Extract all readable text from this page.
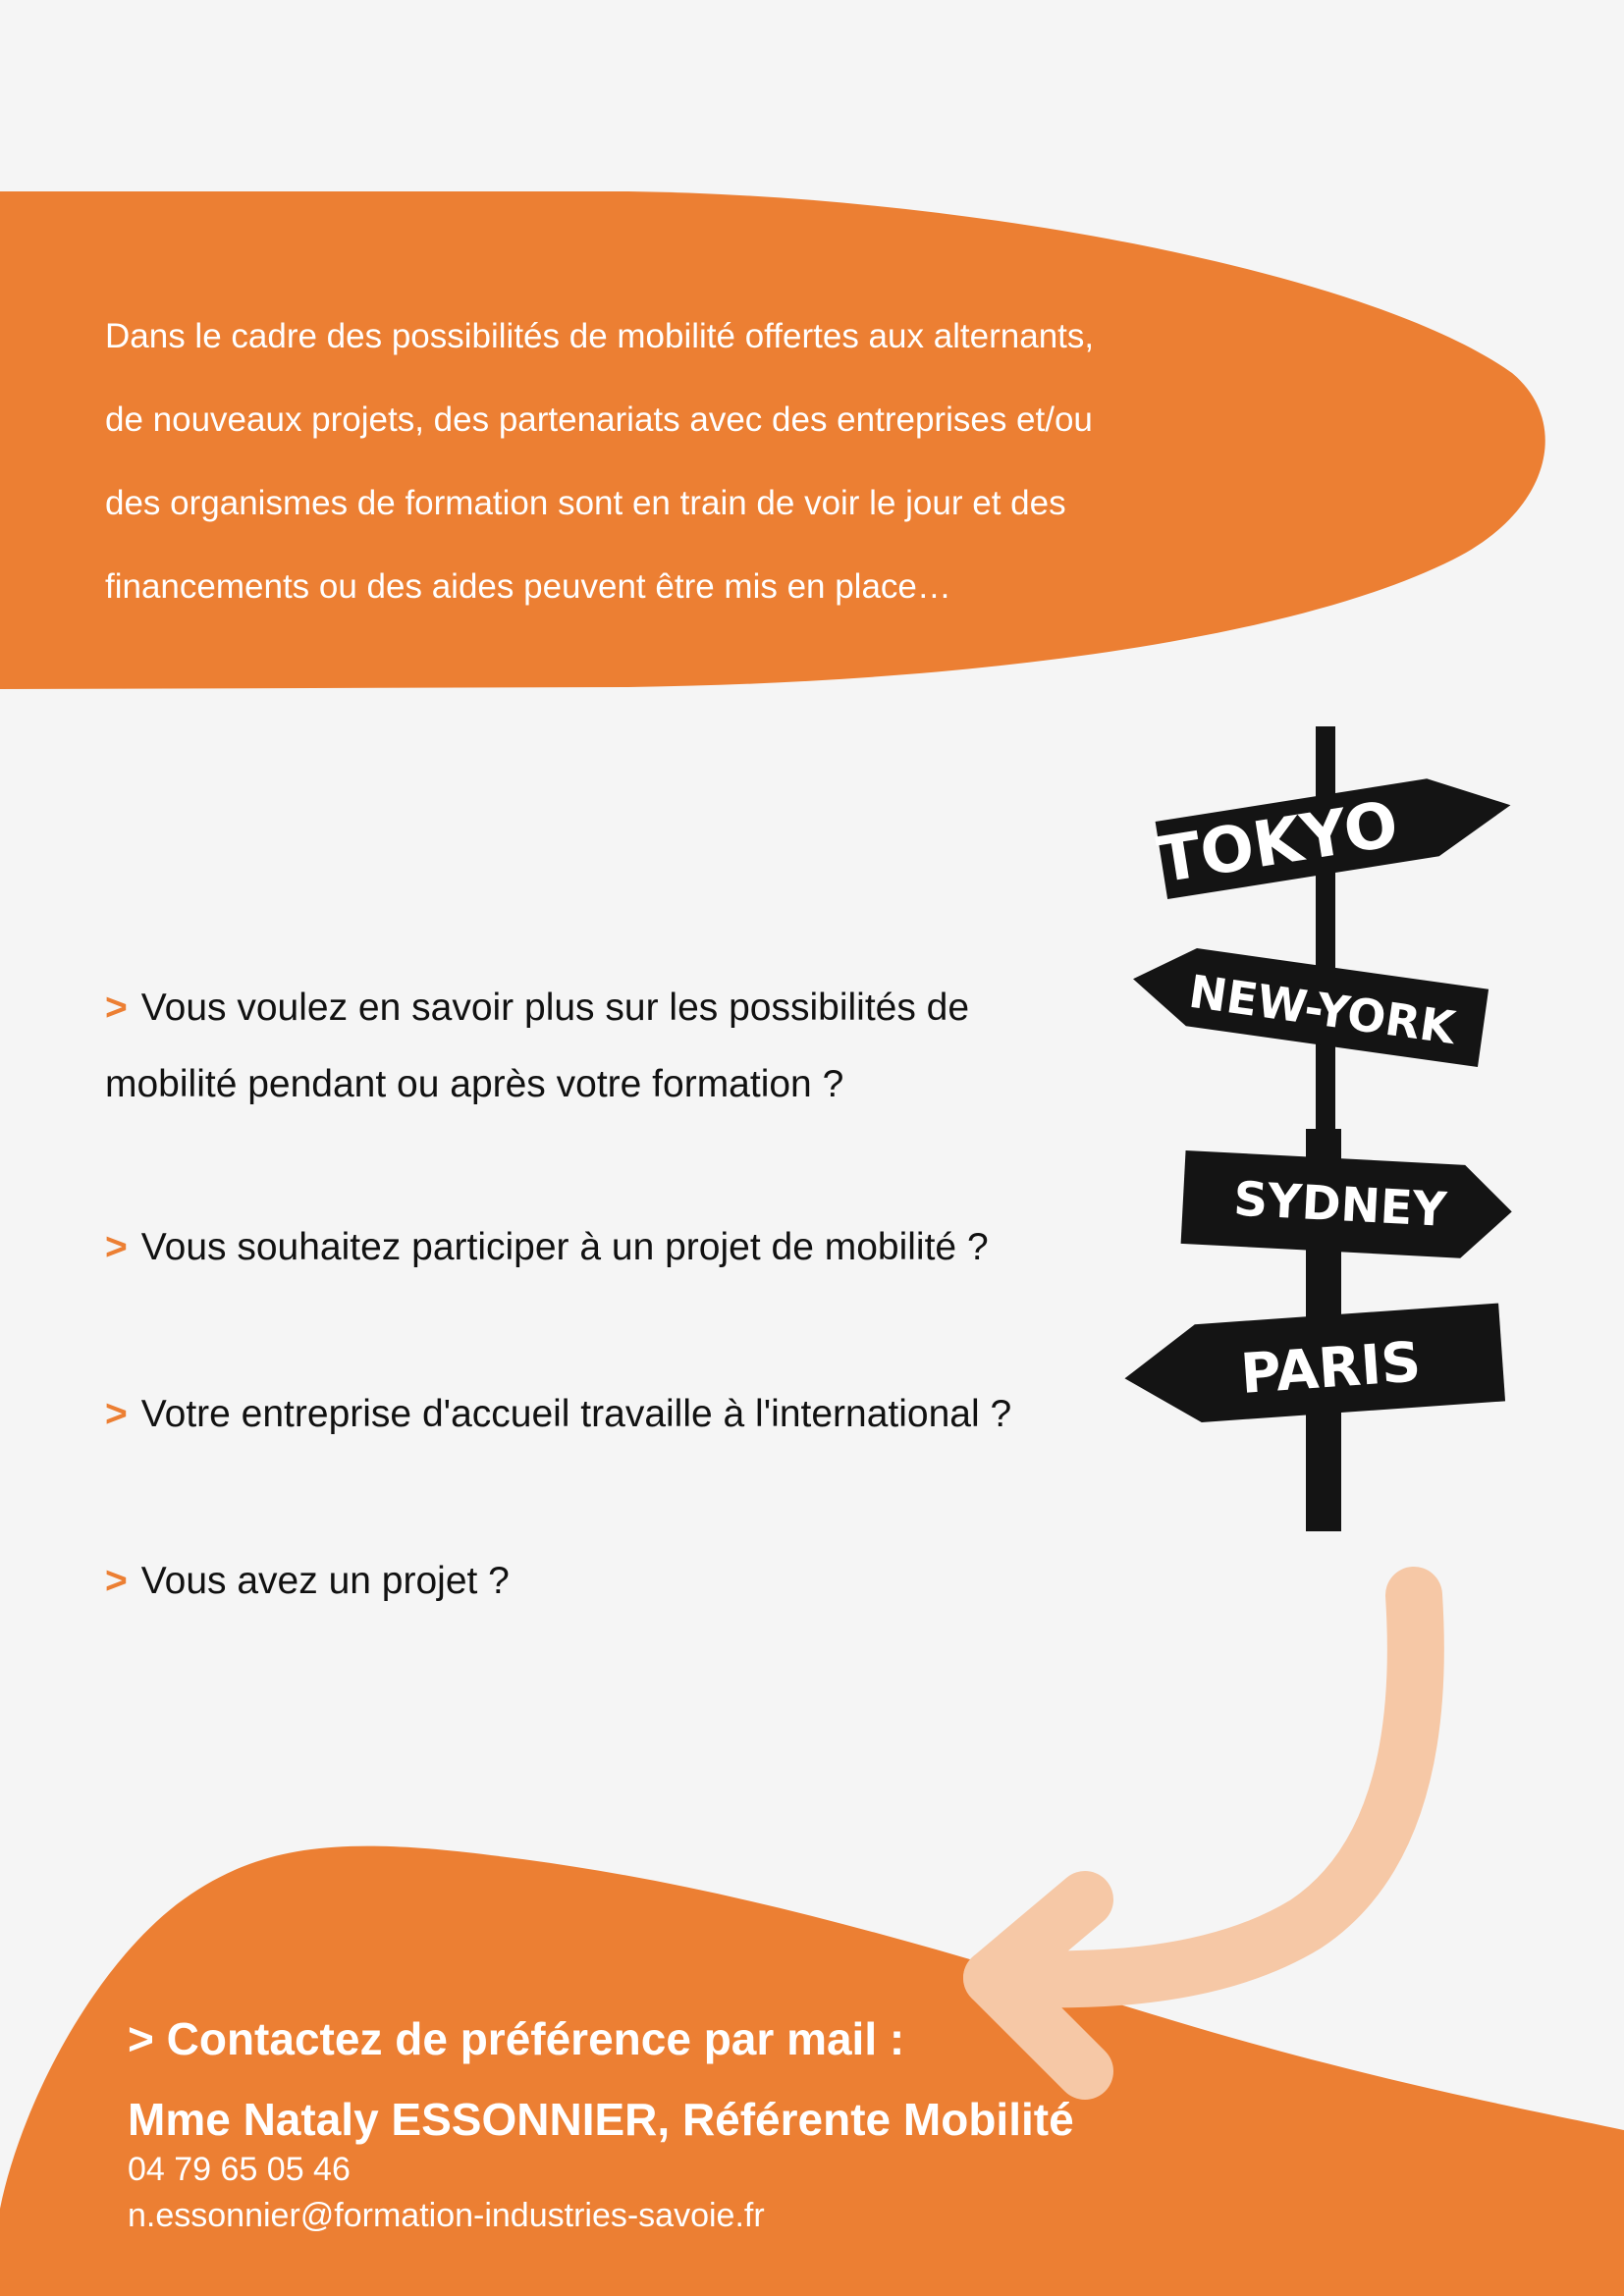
Dans le cadre des possibilités de mobilité offertes aux alternants,
de nouveaux projets, des partenariats avec des entreprises et/ou
des organismes de formation sont en train de voir le jour et des
financements ou des aides peuvent être mis en place…
> Vous voulez en savoir plus sur les possibilités de
mobilité pendant ou après votre formation ?
> Vous souhaitez participer à un projet de mobilité ?
> Votre entreprise d'accueil travaille à l'international ?
> Vous avez un projet ?
TOKYO
NEW-YORK
SYDNEY
PARIS
> Contactez de préférence par mail :
Mme Nataly ESSONNIER, Référente Mobilité
04 79 65 05 46
n.essonnier@formation-industries-savoie.fr
